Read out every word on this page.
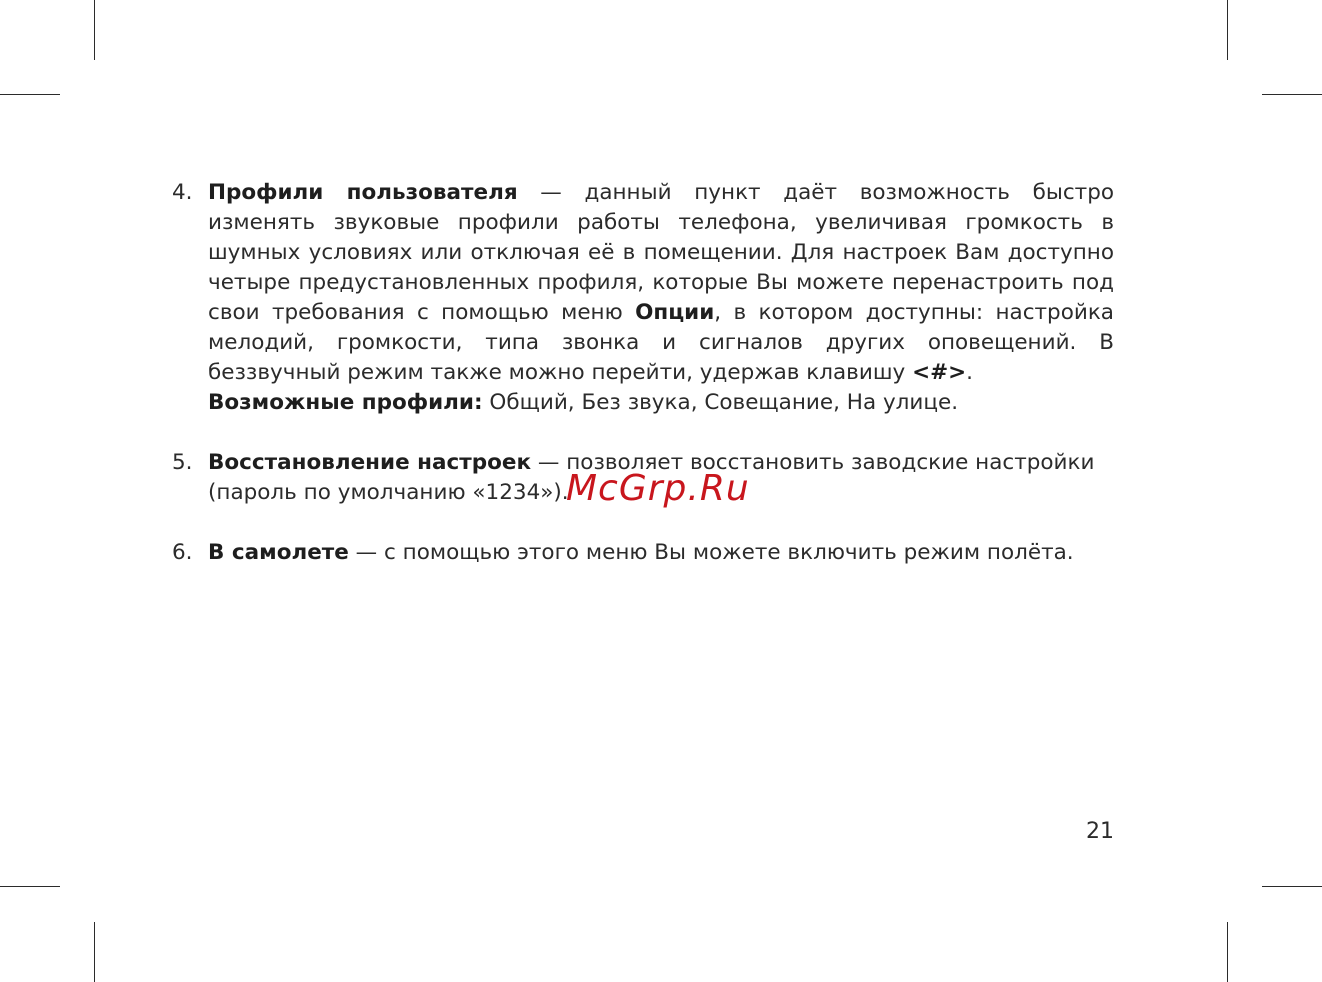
4. Профили пользователя — данный пункт даёт возможность быстро изменять звуковые профили работы телефона, увеличивая громкость в шумных условиях или отключая её в помещении. Для настроек Вам доступно четыре предустановленных профиля, которые Вы можете перенастроить под свои требования с помощью меню Опции, в котором доступны: настройка мелодий, громкости, типа звонка и сигналов других оповещений. В беззвучный режим также можно перейти, удержав клавишу <#>.
Возможные профили: Общий, Без звука, Совещание, На улице.
5. Восстановление настроек — позволяет восстановить заводские настройки (пароль по умолчанию «1234»).
6. В самолете — с помощью этого меню Вы можете включить режим полёта.
McGrp.Ru
21
